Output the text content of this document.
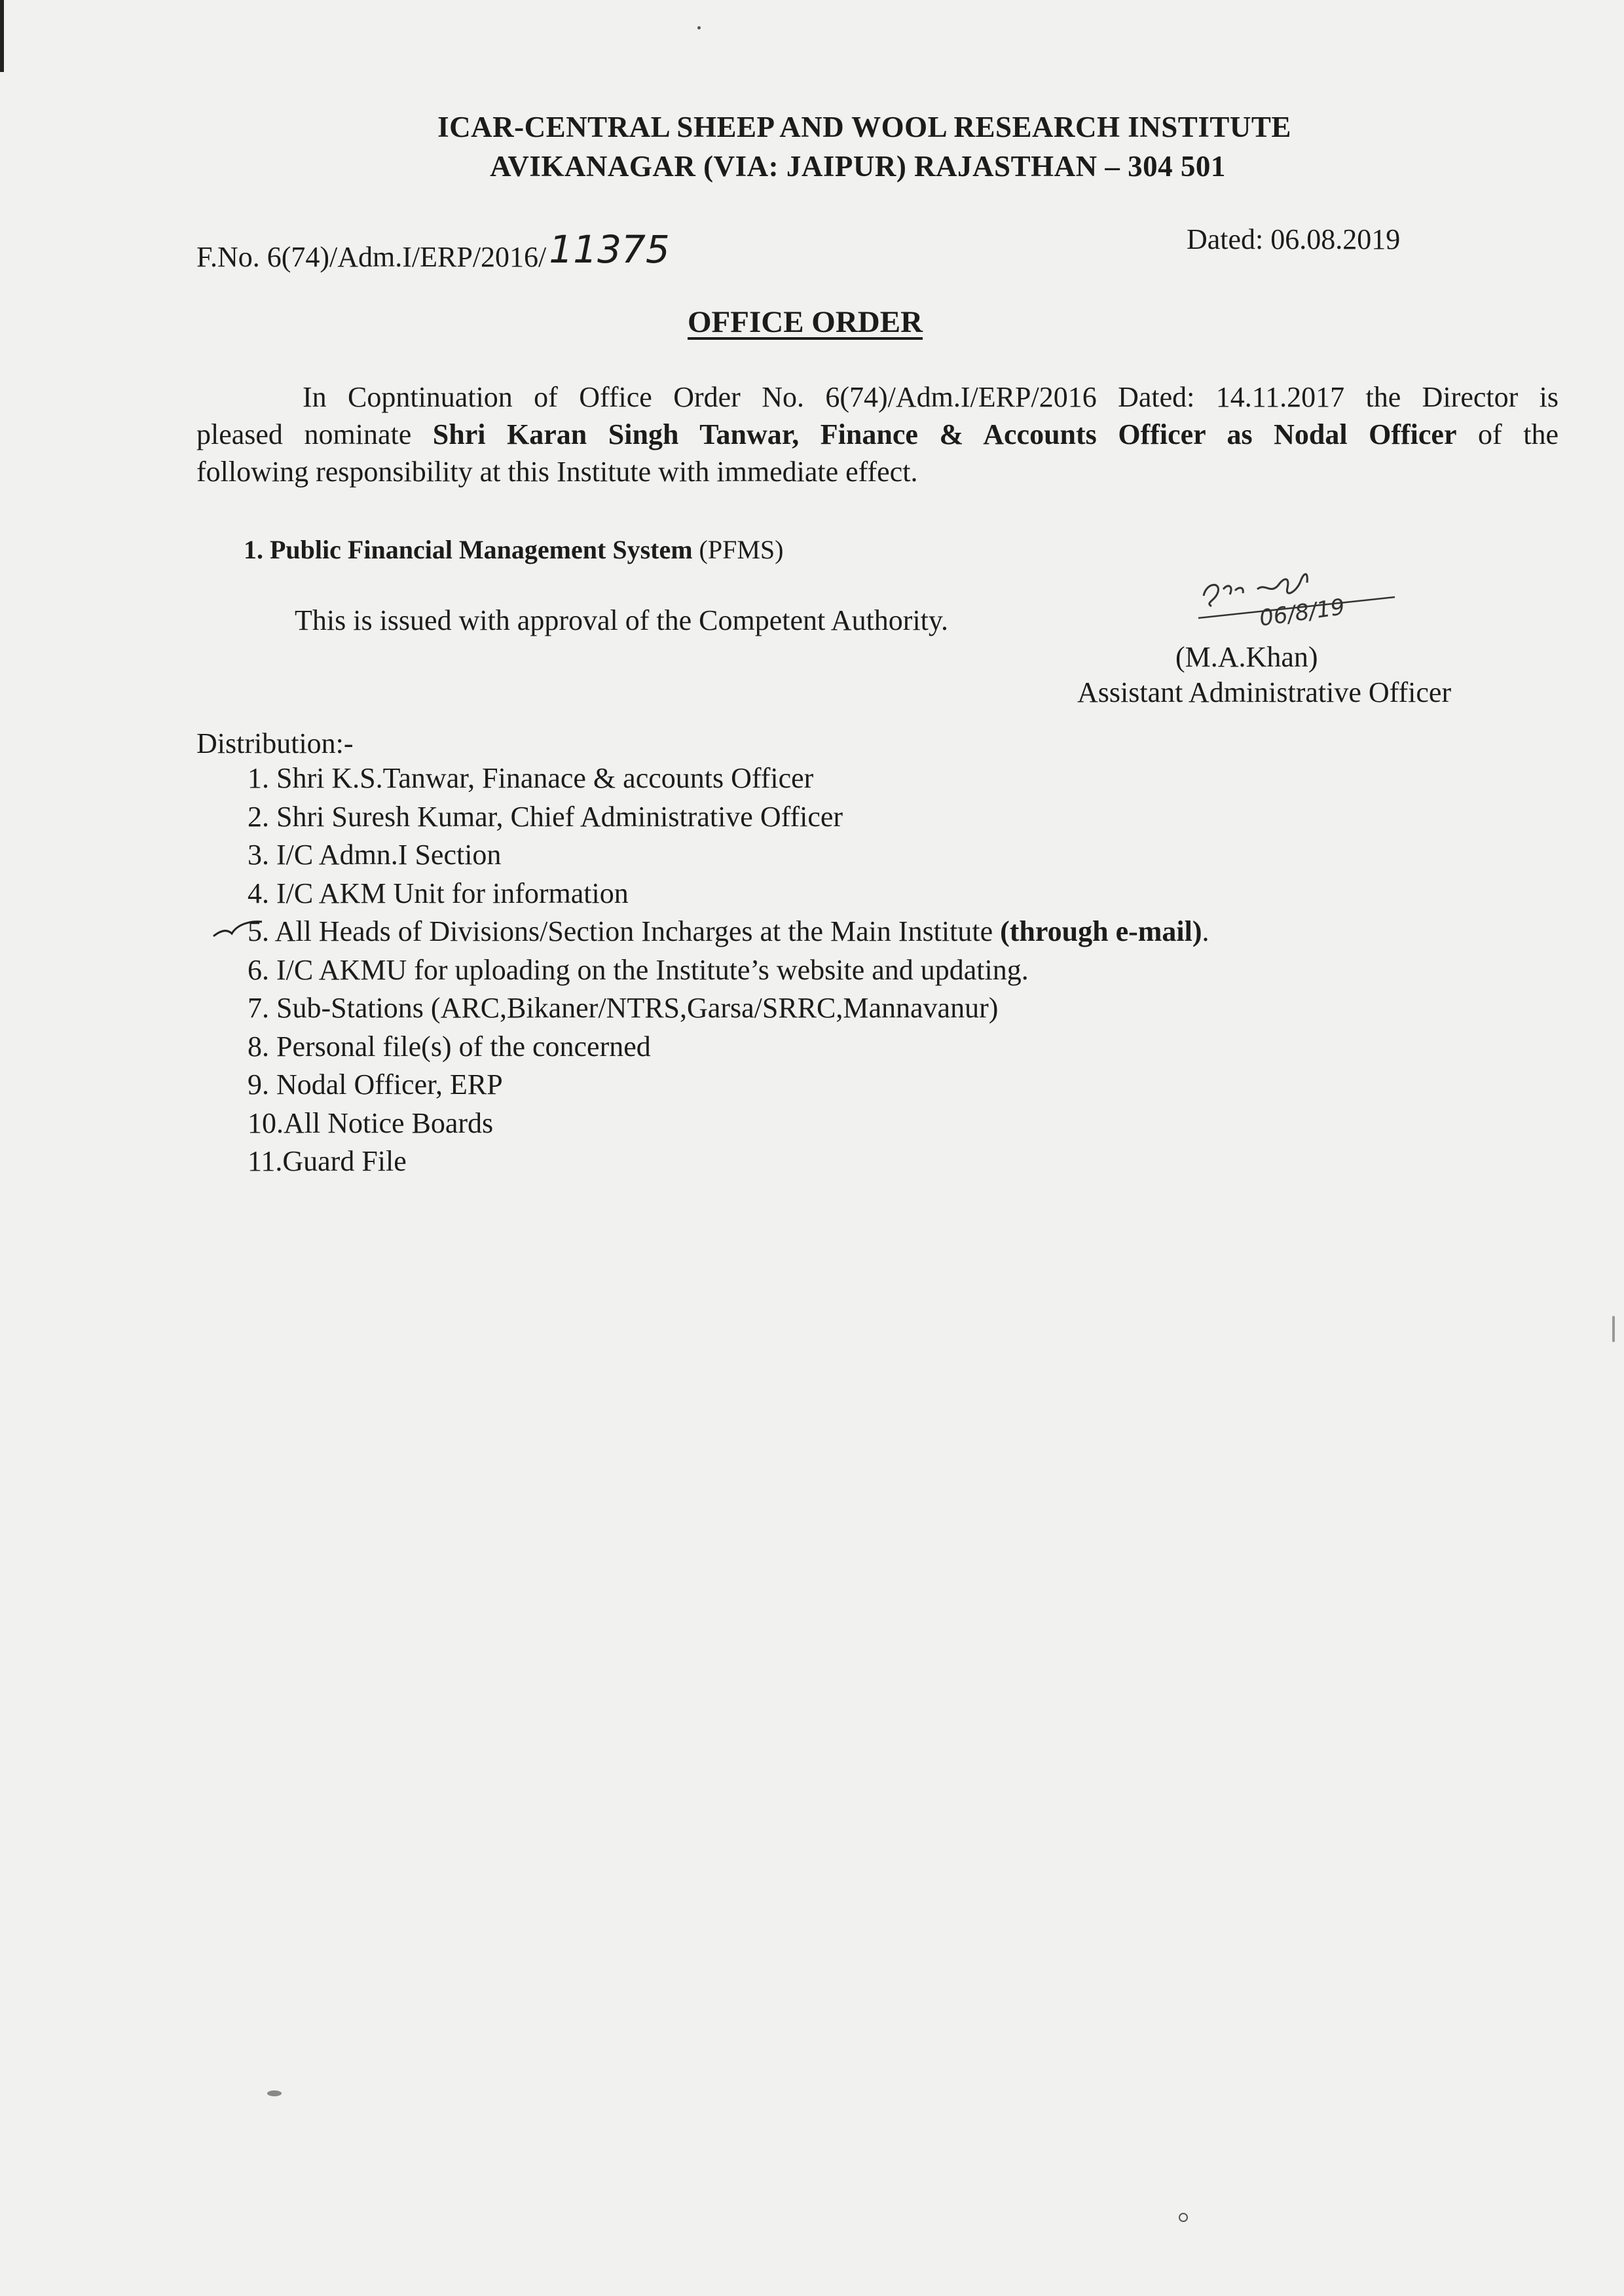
ICAR-CENTRAL SHEEP AND WOOL RESEARCH INSTITUTE
AVIKANAGAR (VIA: JAIPUR) RAJASTHAN – 304 501
F.No. 6(74)/Adm.I/ERP/2016/11375	Dated: 06.08.2019
OFFICE ORDER
In Copntinuation of Office Order No. 6(74)/Adm.I/ERP/2016 Dated: 14.11.2017 the Director is
pleased nominate Shri Karan Singh Tanwar, Finance & Accounts Officer as Nodal Officer of the
following responsibility at this Institute with immediate effect.
1. Public Financial Management System (PFMS)
This is issued with approval of the Competent Authority.	06/8/19
(M.A.Khan)
Assistant Administrative Officer
Distribution:-
1. Shri K.S.Tanwar, Finanace & accounts Officer
2. Shri Suresh Kumar, Chief Administrative Officer
3. I/C Admn.I Section
4. I/C AKM Unit for information
5. All Heads of Divisions/Section Incharges at the Main Institute (through e-mail).
6. I/C AKMU for uploading on the Institute’s website and updating.
7. Sub-Stations (ARC,Bikaner/NTRS,Garsa/SRRC,Mannavanur)
8. Personal file(s) of the concerned
9. Nodal Officer, ERP
10.All Notice Boards
11.Guard File
